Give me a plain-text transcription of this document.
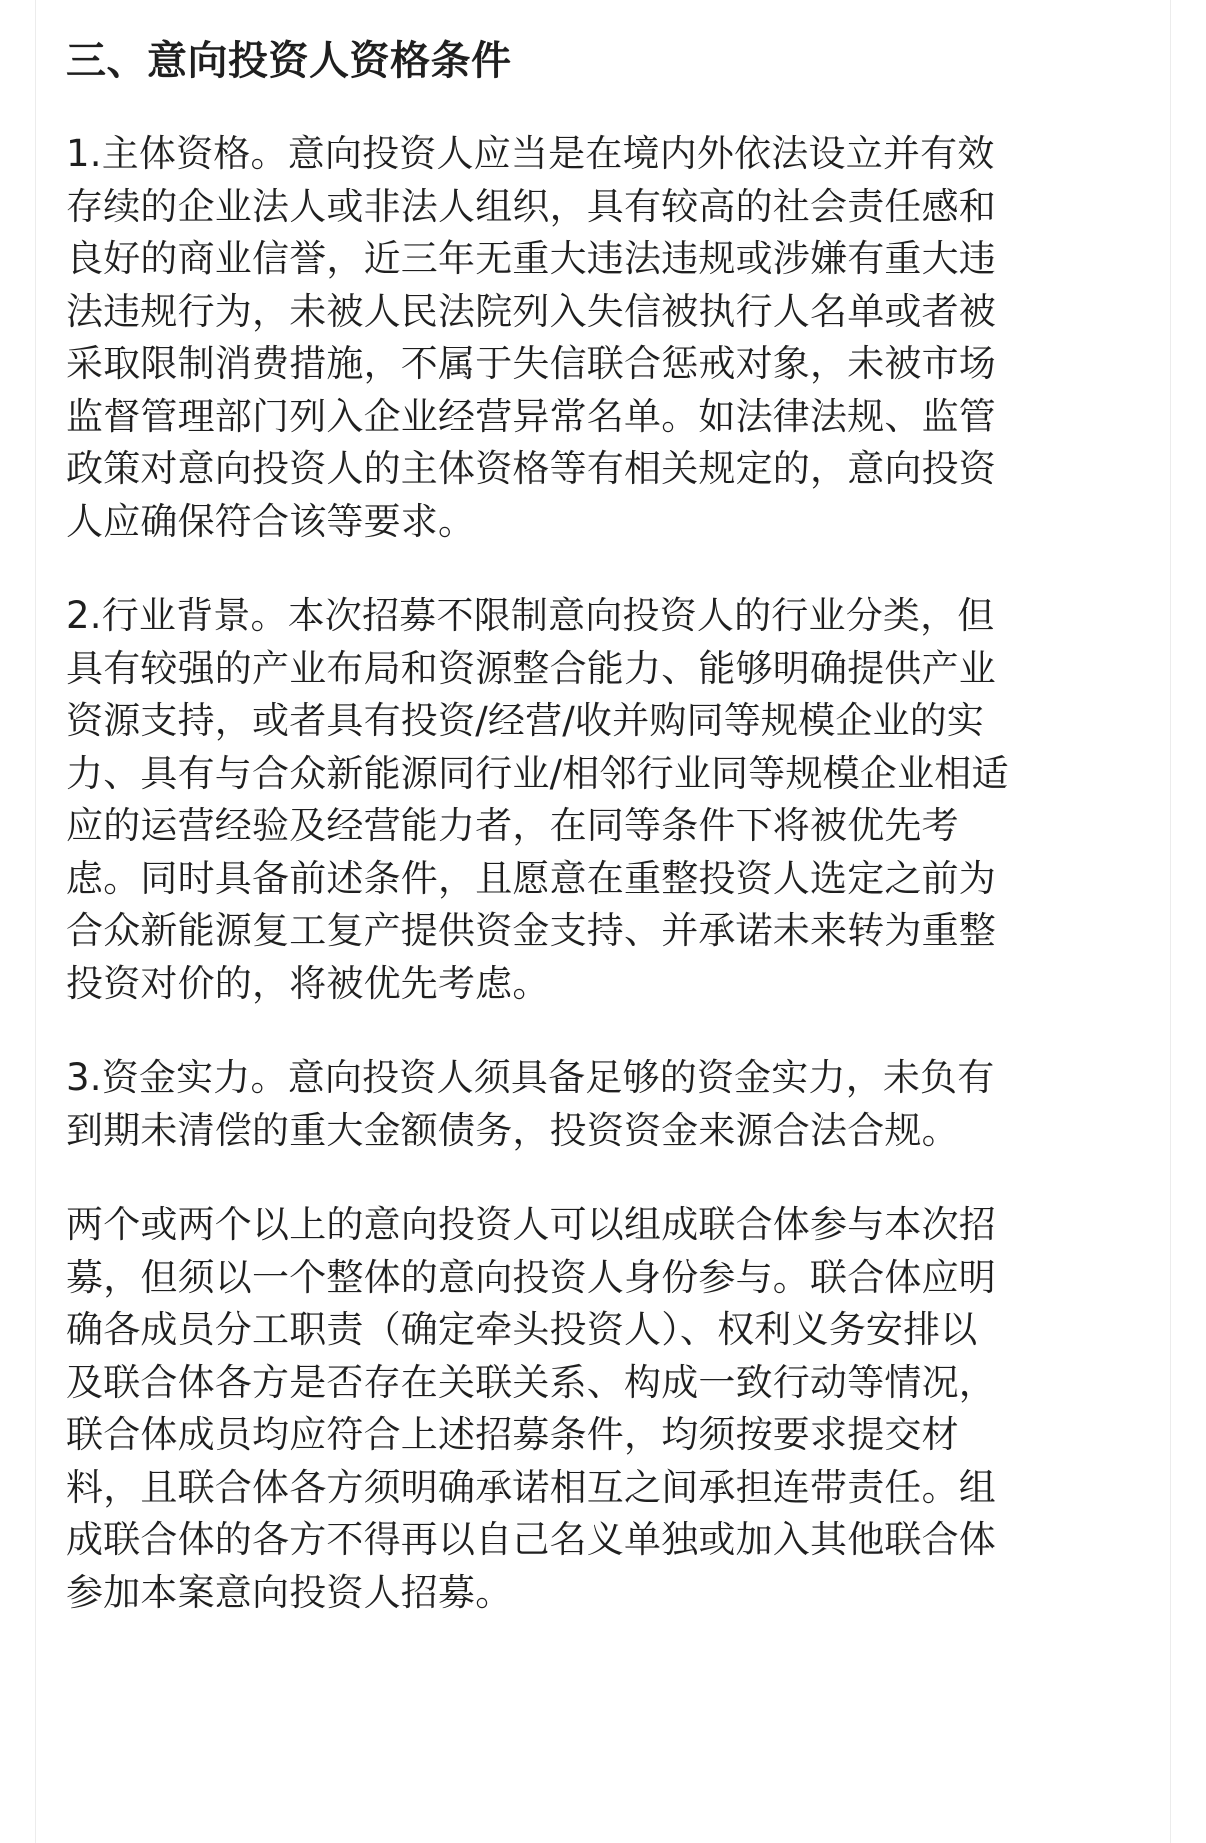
三、意向投资人资格条件
1.主体资格。意向投资人应当是在境内外依法设立并有效
存续的企业法人或非法人组织，具有较高的社会责任感和
良好的商业信誉，近三年无重大违法违规或涉嫌有重大违
法违规行为，未被人民法院列入失信被执行人名单或者被
采取限制消费措施，不属于失信联合惩戒对象，未被市场
监督管理部门列入企业经营异常名单。如法律法规、监管
政策对意向投资人的主体资格等有相关规定的，意向投资
人应确保符合该等要求。
2.行业背景。本次招募不限制意向投资人的行业分类，但
具有较强的产业布局和资源整合能力、能够明确提供产业
资源支持，或者具有投资/经营/收并购同等规模企业的实
力、具有与合众新能源同行业/相邻行业同等规模企业相适
应的运营经验及经营能力者，在同等条件下将被优先考
虑。同时具备前述条件，且愿意在重整投资人选定之前为
合众新能源复工复产提供资金支持、并承诺未来转为重整
投资对价的，将被优先考虑。
3.资金实力。意向投资人须具备足够的资金实力，未负有
到期未清偿的重大金额债务，投资资金来源合法合规。
两个或两个以上的意向投资人可以组成联合体参与本次招
募，但须以一个整体的意向投资人身份参与。联合体应明
确各成员分工职责（确定牵头投资人）、权利义务安排以
及联合体各方是否存在关联关系、构成一致行动等情况，
联合体成员均应符合上述招募条件，均须按要求提交材
料，且联合体各方须明确承诺相互之间承担连带责任。组
成联合体的各方不得再以自己名义单独或加入其他联合体
参加本案意向投资人招募。
